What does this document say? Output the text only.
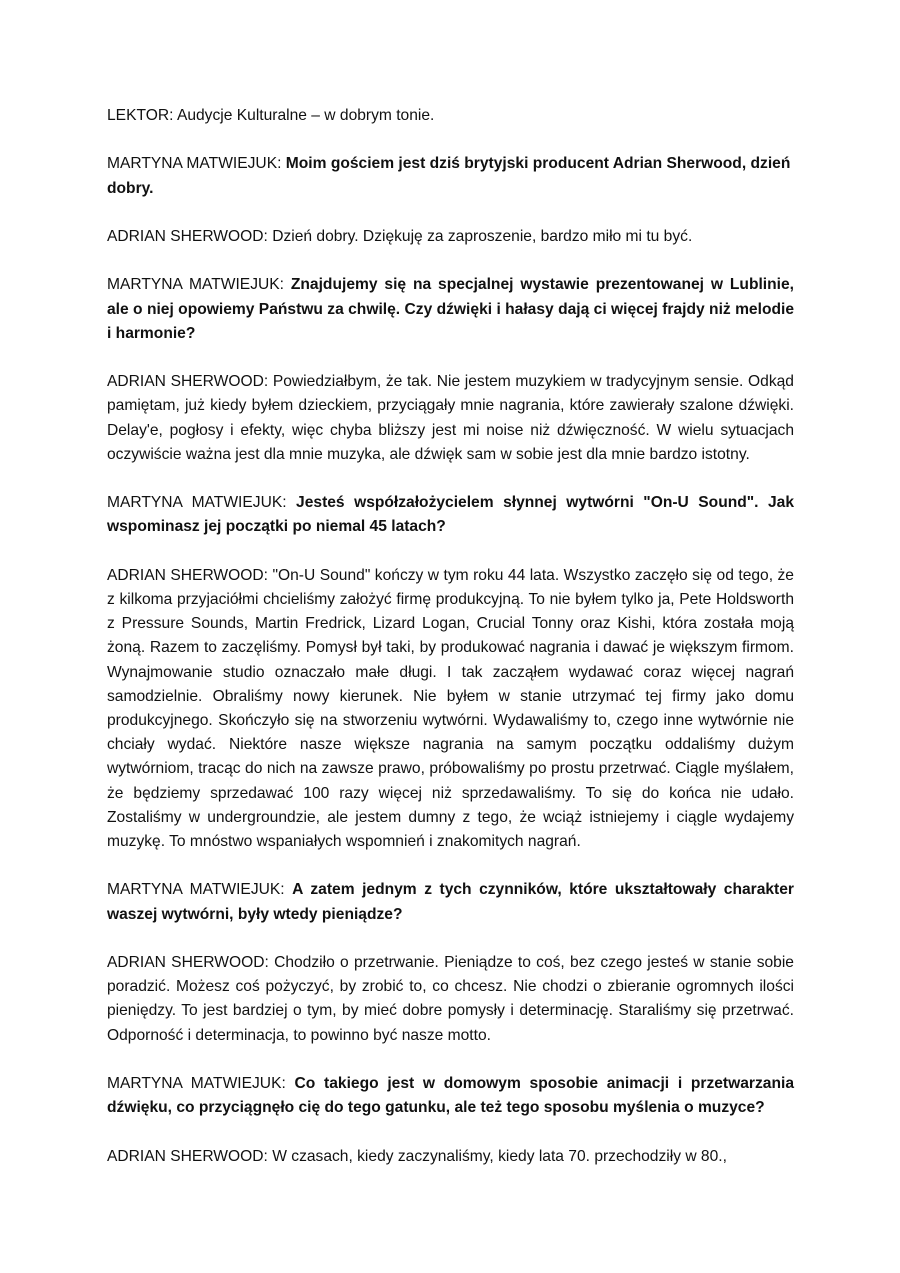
LEKTOR: Audycje Kulturalne – w dobrym tonie.

MARTYNA MATWIEJUK: Moim gościem jest dziś brytyjski producent Adrian Sherwood, dzień dobry.

ADRIAN SHERWOOD: Dzień dobry. Dziękuję za zaproszenie, bardzo miło mi tu być.

MARTYNA MATWIEJUK: Znajdujemy się na specjalnej wystawie prezentowanej w Lublinie, ale o niej opowiemy Państwu za chwilę. Czy dźwięki i hałasy dają ci więcej frajdy niż melodie i harmonie?

ADRIAN SHERWOOD: Powiedziałbym, że tak. Nie jestem muzykiem w tradycyjnym sensie. Odkąd pamiętam, już kiedy byłem dzieckiem, przyciągały mnie nagrania, które zawierały szalone dźwięki. Delay'e, pogłosy i efekty, więc chyba bliższy jest mi noise niż dźwięczność. W wielu sytuacjach oczywiście ważna jest dla mnie muzyka, ale dźwięk sam w sobie jest dla mnie bardzo istotny.

MARTYNA MATWIEJUK: Jesteś współzałożycielem słynnej wytwórni "On-U Sound". Jak wspominasz jej początki po niemal 45 latach?

ADRIAN SHERWOOD: "On-U Sound" kończy w tym roku 44 lata. Wszystko zaczęło się od tego, że z kilkoma przyjaciółmi chcieliśmy założyć firmę produkcyjną. To nie byłem tylko ja, Pete Holdsworth z Pressure Sounds, Martin Fredrick, Lizard Logan, Crucial Tonny oraz Kishi, która została moją żoną. Razem to zaczęliśmy. Pomysł był taki, by produkować nagrania i dawać je większym firmom. Wynajmowanie studio oznaczało małe długi. I tak zacząłem wydawać coraz więcej nagrań samodzielnie. Obraliśmy nowy kierunek. Nie byłem w stanie utrzymać tej firmy jako domu produkcyjnego. Skończyło się na stworzeniu wytwórni. Wydawaliśmy to, czego inne wytwórnie nie chciały wydać. Niektóre nasze większe nagrania na samym początku oddaliśmy dużym wytwórniom, tracąc do nich na zawsze prawo, próbowaliśmy po prostu przetrwać. Ciągle myślałem, że będziemy sprzedawać 100 razy więcej niż sprzedawaliśmy. To się do końca nie udało. Zostaliśmy w undergroundzie, ale jestem dumny z tego, że wciąż istniejemy i ciągle wydajemy muzykę. To mnóstwo wspaniałych wspomnień i znakomitych nagrań.

MARTYNA MATWIEJUK: A zatem jednym z tych czynników, które ukształtowały charakter waszej wytwórni, były wtedy pieniądze?

ADRIAN SHERWOOD: Chodziło o przetrwanie. Pieniądze to coś, bez czego jesteś w stanie sobie poradzić. Możesz coś pożyczyć, by zrobić to, co chcesz. Nie chodzi o zbieranie ogromnych ilości pieniędzy. To jest bardziej o tym, by mieć dobre pomysły i determinację. Staraliśmy się przetrwać. Odporność i determinacja, to powinno być nasze motto.

MARTYNA MATWIEJUK: Co takiego jest w domowym sposobie animacji i przetwarzania dźwięku, co przyciągnęło cię do tego gatunku, ale też tego sposobu myślenia o muzyce?

ADRIAN SHERWOOD: W czasach, kiedy zaczynaliśmy, kiedy lata 70. przechodziły w 80.,
